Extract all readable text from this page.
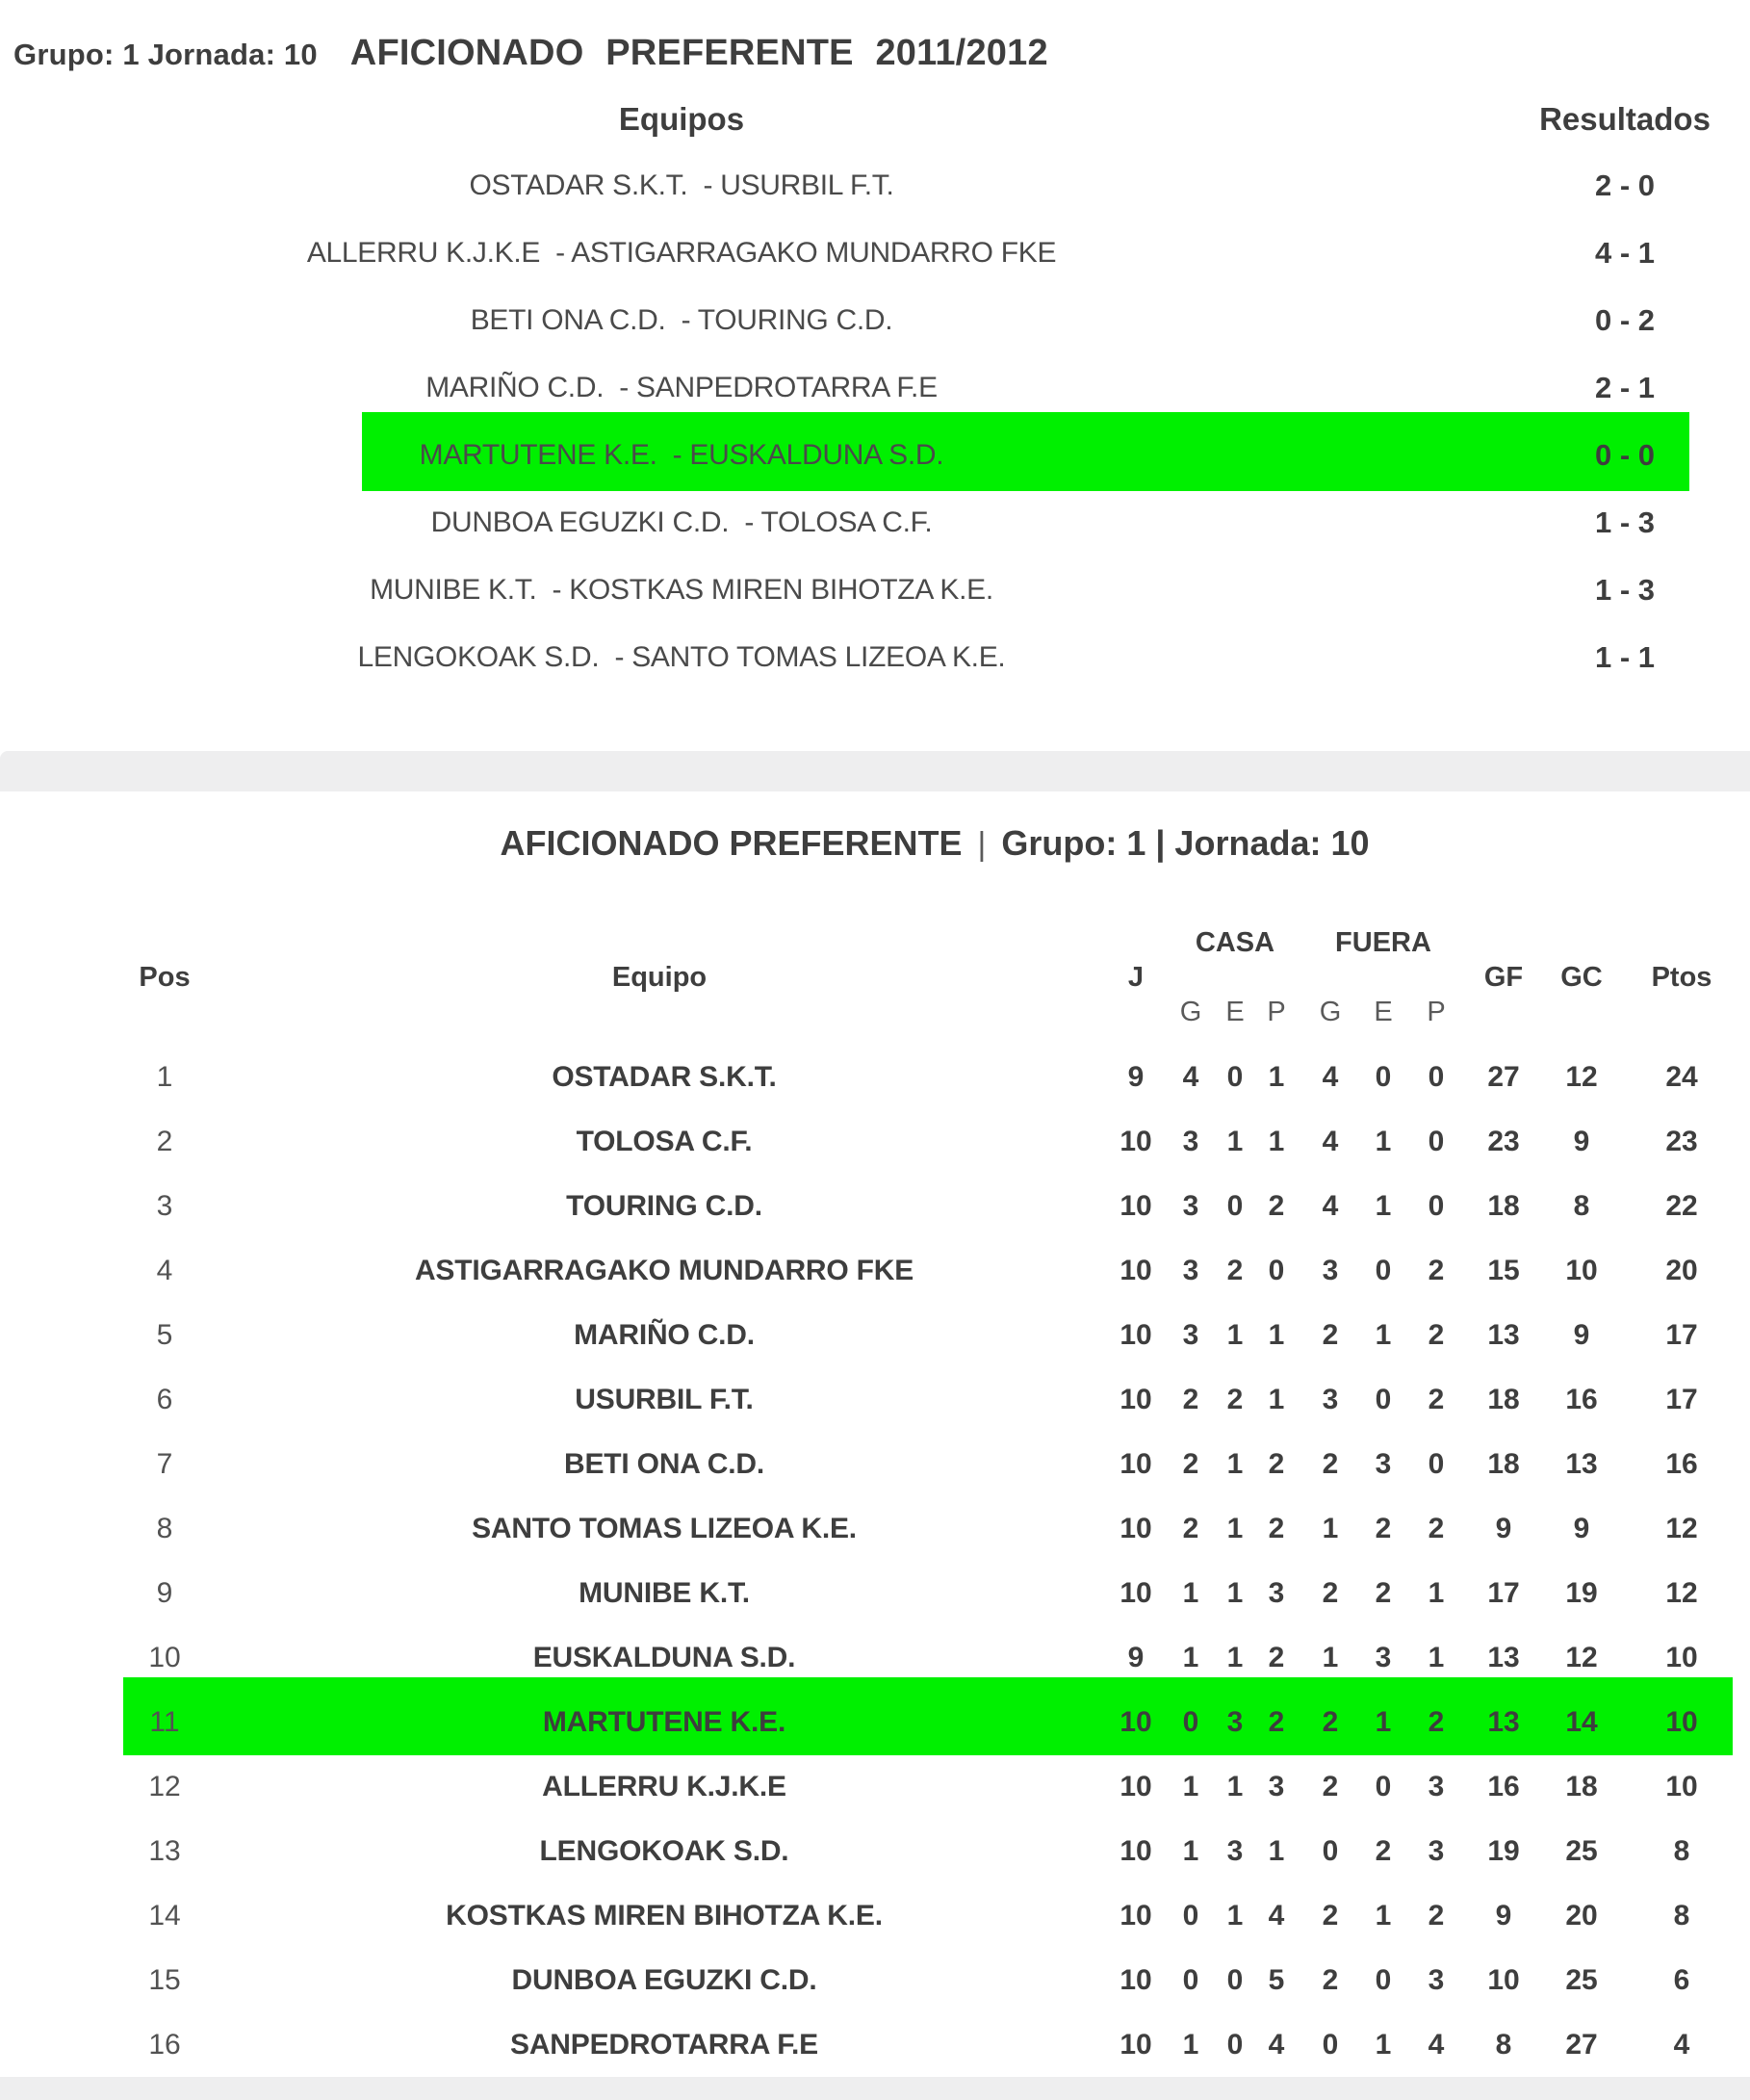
Grupo: 1 Jornada: 10 AFICIONADO PREFERENTE 2011/2012
Equipos	Resultados
OSTADAR S.K.T.  - USURBIL F.T.	2 - 0
ALLERRU K.J.K.E  - ASTIGARRAGAKO MUNDARRO FKE	4 - 1
BETI ONA C.D.  - TOURING C.D.	0 - 2
MARIÑO C.D.  - SANPEDROTARRA F.E	2 - 1
MARTUTENE K.E.  - EUSKALDUNA S.D.	0 - 0
DUNBOA EGUZKI C.D.  - TOLOSA C.F.	1 - 3
MUNIBE K.T.  - KOSTKAS MIREN BIHOTZA K.E.	1 - 3
LENGOKOAK S.D.  - SANTO TOMAS LIZEOA K.E.	1 - 1
AFICIONADO PREFERENTE | Grupo: 1 | Jornada: 10
CASA	FUERA
Pos	Equipo	J	GF	GC	Ptos
G E P	G	E	P
1	OSTADAR S.K.T.	9	4 0 1	4	0	0	27	12	24
2	TOLOSA C.F.	10	3 1 1	4	1	0	23	9	23
3	TOURING C.D.	10	3 0 2	4	1	0	18	8	22
4	ASTIGARRAGAKO MUNDARRO FKE	10	3 2 0	3	0	2	15	10	20
5	MARIÑO C.D.	10	3 1 1	2	1	2	13	9	17
6	USURBIL F.T.	10	2 2 1	3	0	2	18	16	17
7	BETI ONA C.D.	10	2 1 2	2	3	0	18	13	16
8	SANTO TOMAS LIZEOA K.E.	10	2 1 2	1	2	2	9	9	12
9	MUNIBE K.T.	10	1 1 3	2	2	1	17	19	12
10	EUSKALDUNA S.D.	9	1 1 2	1	3	1	13	12	10
11	MARTUTENE K.E.	10	0 3 2	2	1	2	13	14	10
12	ALLERRU K.J.K.E	10	1 1 3	2	0	3	16	18	10
13	LENGOKOAK S.D.	10	1 3 1	0	2	3	19	25	8
14	KOSTKAS MIREN BIHOTZA K.E.	10	0 1 4	2	1	2	9	20	8
15	DUNBOA EGUZKI C.D.	10	0 0 5	2	0	3	10	25	6
16	SANPEDROTARRA F.E	10	1 0 4	0	1	4	8	27	4
